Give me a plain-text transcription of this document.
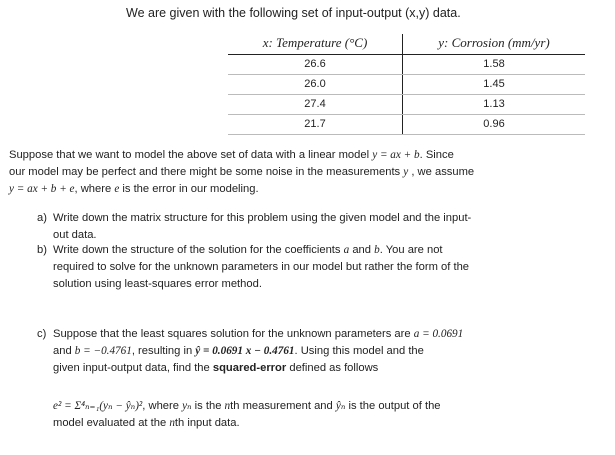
We are given with the following set of input-output (x,y) data.
x: Temperature (°C)	y: Corrosion (mm/yr)
26.6	1.58
26.0	1.45
27.4	1.13
21.7	0.96
Suppose that we want to model the above set of data with a linear model y = ax + b. Since
our model may be perfect and there might be some noise in the measurements y , we assume
y = ax + b + e, where e is the error in our modeling.
a) Write down the matrix structure for this problem using the given model and the input-
out data.
b) Write down the structure of the solution for the coefficients a and b. You are not
required to solve for the unknown parameters in our model but rather the form of the
solution using least-squares error method.
c) Suppose that the least squares solution for the unknown parameters are a = 0.0691
and b = −0.4761, resulting in ŷ = 0.0691 x − 0.4761. Using this model and the
given input-output data, find the squared-error defined as follows
e² = Σ⁴ₙ₌₁(yₙ − ŷₙ)², where yₙ is the nth measurement and ŷₙ is the output of the
model evaluated at the nth input data.
